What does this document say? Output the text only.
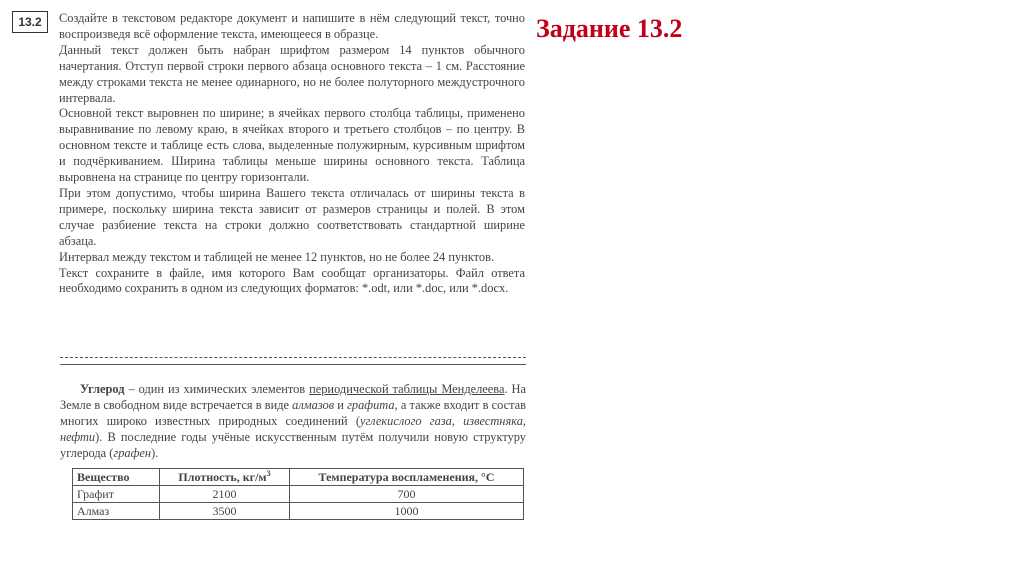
13.2	Создайте в текстовом редакторе документ и напишите в нём следующий текст, точно воспроизведя всё оформление текста, имеющееся в образце.

Данный текст должен быть набран шрифтом размером 14 пунктов обычного начертания. Отступ первой строки первого абзаца основного текста – 1 см. Расстояние между строками текста не менее одинарного, но не более полуторного междустрочного интервала.

Основной текст выровнен по ширине; в ячейках первого столбца таблицы, применено выравнивание по левому краю, в ячейках второго и третьего столбцов – по центру. В основном тексте и таблице есть слова, выделенные полужирным, курсивным шрифтом и подчёркиванием. Ширина таблицы меньше ширины основного текста. Таблица выровнена на странице по центру горизонтали.

При этом допустимо, чтобы ширина Вашего текста отличалась от ширины текста в примере, поскольку ширина текста зависит от размеров страницы и полей. В этом случае разбиение текста на строки должно соответствовать стандартной ширине абзаца.

Интервал между текстом и таблицей не менее 12 пунктов, но не более 24 пунктов.

Текст сохраните в файле, имя которого Вам сообщат организаторы. Файл ответа необходимо сохранить в одном из следующих форматов: *.odt, или *.doc, или *.docx.

Задание 13.2

Углерод – один из химических элементов периодической таблицы Менделеева. На Земле в свободном виде встречается в виде алмазов и графита, а также входит в состав многих широко известных природных соединений (углекислого газа, известняка, нефти). В последние годы учёные искусственным путём получили новую структуру углерода (графен).

Вещество	Плотность, $кг/м^3$	Температура воспламенения, °С
Графит	2100	700
Алмаз	3500	1000
